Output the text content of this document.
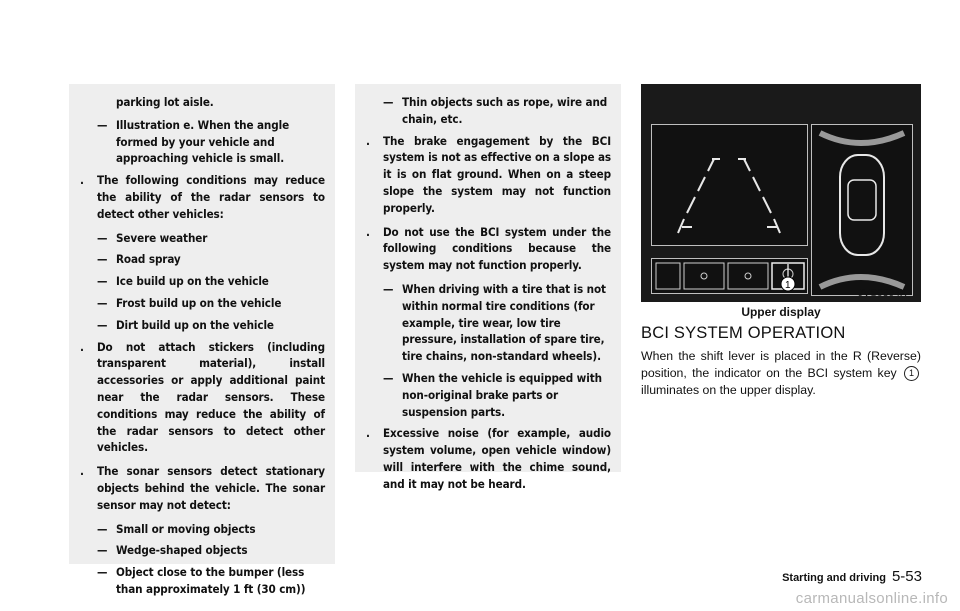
parking lot aisle.
— Illustration e. When the angle formed by your vehicle and approaching vehicle is small.
. The following conditions may reduce the ability of the radar sensors to detect other vehicles:
— Severe weather
— Road spray
— Ice build up on the vehicle
— Frost build up on the vehicle
— Dirt build up on the vehicle
. Do not attach stickers (including transparent material), install accessories or apply additional paint near the radar sensors. These conditions may reduce the ability of the radar sensors to detect other vehicles.
. The sonar sensors detect stationary objects behind the vehicle. The sonar sensor may not detect:
— Small or moving objects
— Wedge-shaped objects
— Object close to the bumper (less than approximately 1 ft (30 cm))
— Thin objects such as rope, wire and chain, etc.
. The brake engagement by the BCI system is not as effective on a slope as it is on flat ground. When on a steep slope the system may not function properly.
. Do not use the BCI system under the following conditions because the system may not function properly.
— When driving with a tire that is not within normal tire conditions (for example, tire wear, low tire pressure, installation of spare tire, tire chains, non-standard wheels).
— When the vehicle is equipped with non-original brake parts or suspension parts.
. Excessive noise (for example, audio system volume, open vehicle window) will interfere with the chime sound, and it may not be heard.
1
JVS0304X
Upper display
BCI SYSTEM OPERATION
When the shift lever is placed in the R (Reverse) position, the indicator on the BCI system key 1 illuminates on the upper display.
Starting and driving 5-53
carmanualsonline.info
